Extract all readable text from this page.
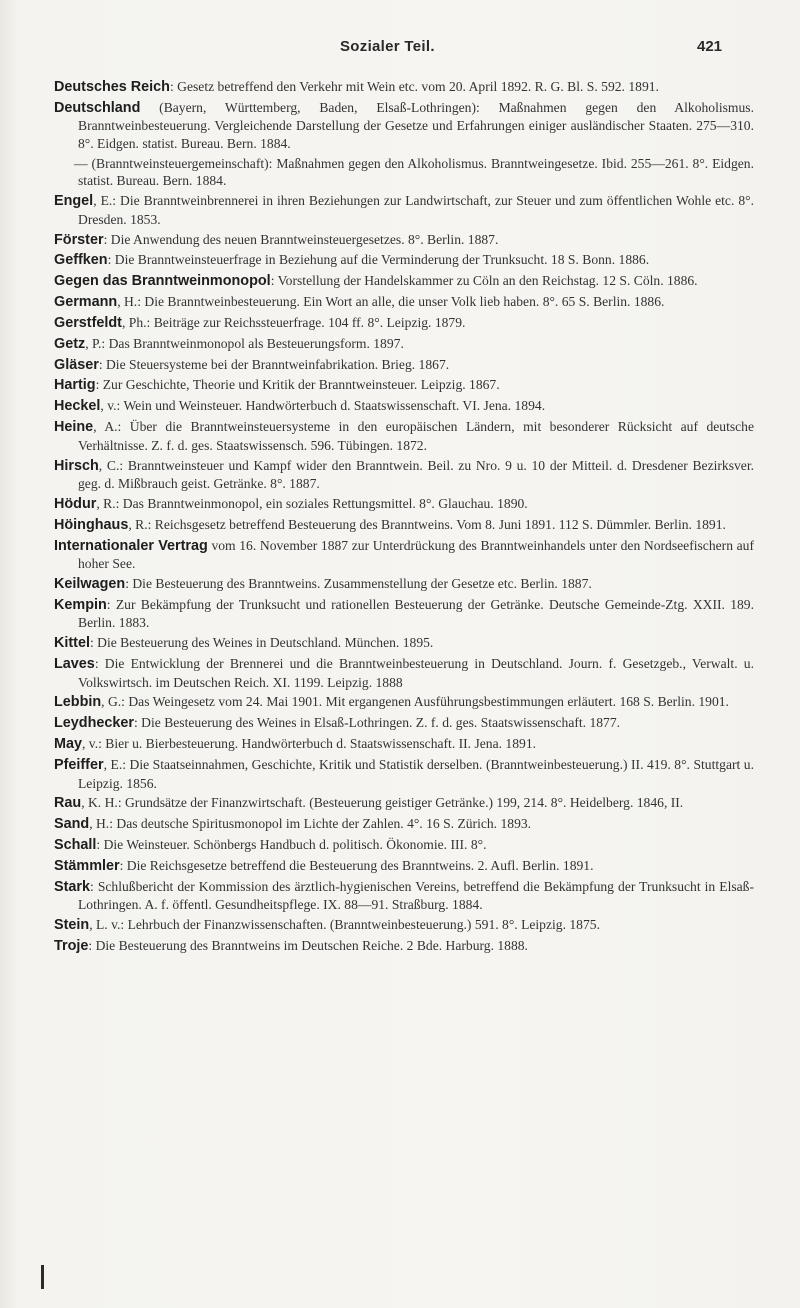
Sozialer Teil.	421

Deutsches Reich: Gesetz betreffend den Verkehr mit Wein etc. vom 20. April 1892. R. G. Bl. S. 592. 1891.

Deutschland (Bayern, Württemberg, Baden, Elsaß-Lothringen): Maßnahmen gegen den Alkoholismus. Branntweinbesteuerung. Vergleichende Darstellung der Gesetze und Erfahrungen einiger ausländischer Staaten. 275—310. 8°. Eidgen. statist. Bureau. Bern. 1884.

— (Branntweinsteuergemeinschaft): Maßnahmen gegen den Alkoholismus. Branntweingesetze. Ibid. 255—261. 8°. Eidgen. statist. Bureau. Bern. 1884.

Engel, E.: Die Branntweinbrennerei in ihren Beziehungen zur Landwirtschaft, zur Steuer und zum öffentlichen Wohle etc. 8°. Dresden. 1853.

Förster: Die Anwendung des neuen Branntweinsteuergesetzes. 8°. Berlin. 1887.

Geffken: Die Branntweinsteuerfrage in Beziehung auf die Verminderung der Trunksucht. 18 S. Bonn. 1886.

Gegen das Branntweinmonopol: Vorstellung der Handelskammer zu Cöln an den Reichstag. 12 S. Cöln. 1886.

Germann, H.: Die Branntweinbesteuerung. Ein Wort an alle, die unser Volk lieb haben. 8°. 65 S. Berlin. 1886.

Gerstfeldt, Ph.: Beiträge zur Reichssteuerfrage. 104 ff. 8°. Leipzig. 1879.

Getz, P.: Das Branntweinmonopol als Besteuerungsform. 1897.

Gläser: Die Steuersysteme bei der Branntweinfabrikation. Brieg. 1867.

Hartig: Zur Geschichte, Theorie und Kritik der Branntweinsteuer. Leipzig. 1867.

Heckel, v.: Wein und Weinsteuer. Handwörterbuch d. Staatswissenschaft. VI. Jena. 1894.

Heine, A.: Über die Branntweinsteuersysteme in den europäischen Ländern, mit besonderer Rücksicht auf deutsche Verhältnisse. Z. f. d. ges. Staatswissensch. 596. Tübingen. 1872.

Hirsch, C.: Branntweinsteuer und Kampf wider den Branntwein. Beil. zu Nro. 9 u. 10 der Mitteil. d. Dresdener Bezirksver. geg. d. Mißbrauch geist. Getränke. 8°. 1887.

Hödur, R.: Das Branntweinmonopol, ein soziales Rettungsmittel. 8°. Glauchau. 1890.

Höinghaus, R.: Reichsgesetz betreffend Besteuerung des Branntweins. Vom 8. Juni 1891. 112 S. Dümmler. Berlin. 1891.

Internationaler Vertrag vom 16. November 1887 zur Unterdrückung des Branntweinhandels unter den Nordseefischern auf hoher See.

Keilwagen: Die Besteuerung des Branntweins. Zusammenstellung der Gesetze etc. Berlin. 1887.

Kempin: Zur Bekämpfung der Trunksucht und rationellen Besteuerung der Getränke. Deutsche Gemeinde-Ztg. XXII. 189. Berlin. 1883.

Kittel: Die Besteuerung des Weines in Deutschland. München. 1895.

Laves: Die Entwicklung der Brennerei und die Branntweinbesteuerung in Deutschland. Journ. f. Gesetzgeb., Verwalt. u. Volkswirtsch. im Deutschen Reich. XI. 1199. Leipzig. 1888

Lebbin, G.: Das Weingesetz vom 24. Mai 1901. Mit ergangenen Ausführungsbestimmungen erläutert. 168 S. Berlin. 1901.

Leydhecker: Die Besteuerung des Weines in Elsaß-Lothringen. Z. f. d. ges. Staatswissenschaft. 1877.

May, v.: Bier u. Bierbesteuerung. Handwörterbuch d. Staatswissenschaft. II. Jena. 1891.

Pfeiffer, E.: Die Staatseinnahmen, Geschichte, Kritik und Statistik derselben. (Branntweinbesteuerung.) II. 419. 8°. Stuttgart u. Leipzig. 1856.

Rau, K. H.: Grundsätze der Finanzwirtschaft. (Besteuerung geistiger Getränke.) 199, 214. 8°. Heidelberg. 1846, II.

Sand, H.: Das deutsche Spiritusmonopol im Lichte der Zahlen. 4°. 16 S. Zürich. 1893.

Schall: Die Weinsteuer. Schönbergs Handbuch d. politisch. Ökonomie. III. 8°.

Stämmler: Die Reichsgesetze betreffend die Besteuerung des Branntweins. 2. Aufl. Berlin. 1891.

Stark: Schlußbericht der Kommission des ärztlich-hygienischen Vereins, betreffend die Bekämpfung der Trunksucht in Elsaß-Lothringen. A. f. öffentl. Gesundheitspflege. IX. 88—91. Straßburg. 1884.

Stein, L. v.: Lehrbuch der Finanzwissenschaften. (Branntweinbesteuerung.) 591. 8°. Leipzig. 1875.

Troje: Die Besteuerung des Branntweins im Deutschen Reiche. 2 Bde. Harburg. 1888.
